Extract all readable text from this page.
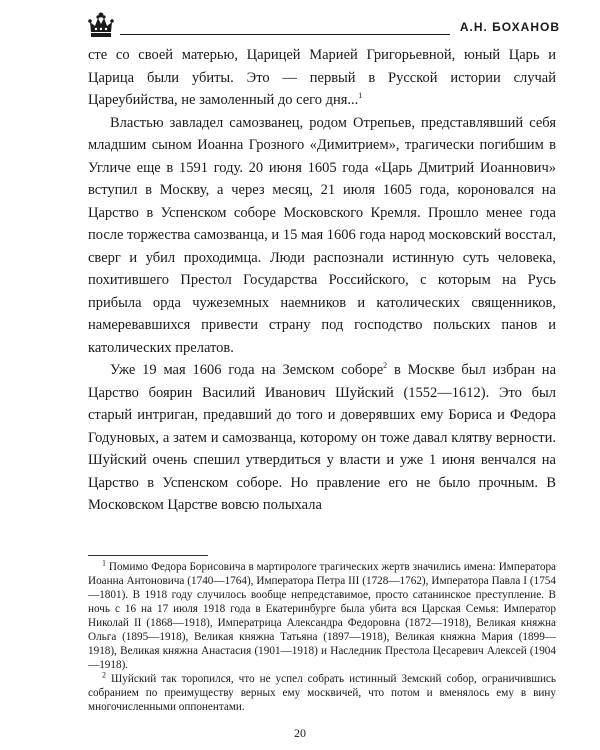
А.Н. БОХАНОВ

сте со своей матерью, Царицей Марией Григорьевной, юный Царь и Царица были убиты. Это — первый в Русской истории случай Цареубийства, не замоленный до сего дня...$^1$

Властью завладел самозванец, родом Отрепьев, представлявший себя младшим сыном Иоанна Грозного «Димитрием», трагически погибшим в Угличе еще в 1591 году. 20 июня 1605 года «Царь Дмитрий Иоаннович» вступил в Москву, а через месяц, 21 июля 1605 года, короновался на Царство в Успенском соборе Московского Кремля. Прошло менее года после торжества самозванца, и 15 мая 1606 года народ московский восстал, сверг и убил проходимца. Люди распознали истинную суть человека, похитившего Престол Государства Российского, с которым на Русь прибыла орда чужеземных наемников и католических священников, намеревавшихся привести страну под господство польских панов и католических прелатов.

Уже 19 мая 1606 года на Земском соборе$^2$ в Москве был избран на Царство боярин Василий Иванович Шуйский (1552—1612). Это был старый интриган, предавший до того и доверявших ему Бориса и Федора Годуновых, а затем и самозванца, которому он тоже давал клятву верности. Шуйский очень спешил утвердиться у власти и уже 1 июня венчался на Царство в Успенском соборе. Но правление его не было прочным. В Московском Царстве вовсю полыхала

$^1$ Помимо Федора Борисовича в мартирологе трагических жертв значились имена: Императора Иоанна Антоновича (1740—1764), Императора Петра III (1728—1762), Императора Павла I (1754—1801). В 1918 году случилось вообще непредставимое, просто сатанинское преступление. В ночь с 16 на 17 июля 1918 года в Екатеринбурге была убита вся Царская Семья: Император Николай II (1868—1918), Императрица Александра Федоровна (1872—1918), Великая княжна Ольга (1895—1918), Великая княжна Татьяна (1897—1918), Великая княжна Мария (1899—1918), Великая княжна Анастасия (1901—1918) и Наследник Престола Цесаревич Алексей (1904—1918).

$^2$ Шуйский так торопился, что не успел собрать истинный Земский собор, ограничившись собранием по преимуществу верных ему москвичей, что потом и вменялось ему в вину многочисленными оппонентами.

20
